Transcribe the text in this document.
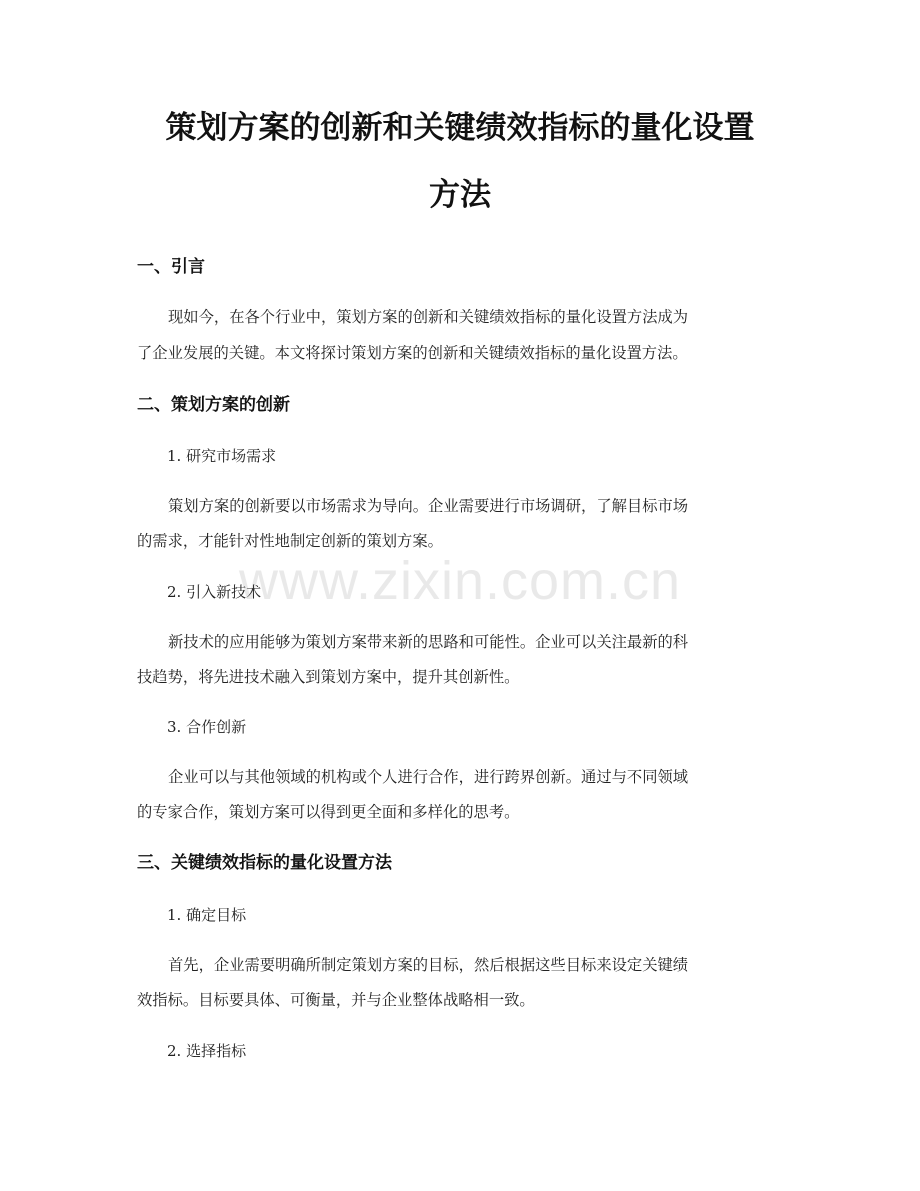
策划方案的创新和关键绩效指标的量化设置
方法
一、引言

现如今，在各个行业中，策划方案的创新和关键绩效指标的量化设置方法成为

了企业发展的关键。本文将探讨策划方案的创新和关键绩效指标的量化设置方法。

二、策划方案的创新

1. 研究市场需求

策划方案的创新要以市场需求为导向。企业需要进行市场调研，了解目标市场

的需求，才能针对性地制定创新的策划方案。

2. 引入新技术

新技术的应用能够为策划方案带来新的思路和可能性。企业可以关注最新的科

技趋势，将先进技术融入到策划方案中，提升其创新性。

3. 合作创新

企业可以与其他领域的机构或个人进行合作，进行跨界创新。通过与不同领域

的专家合作，策划方案可以得到更全面和多样化的思考。

三、关键绩效指标的量化设置方法

1. 确定目标

首先，企业需要明确所制定策划方案的目标，然后根据这些目标来设定关键绩

效指标。目标要具体、可衡量，并与企业整体战略相一致。

2. 选择指标

www.zixin.com.cn
